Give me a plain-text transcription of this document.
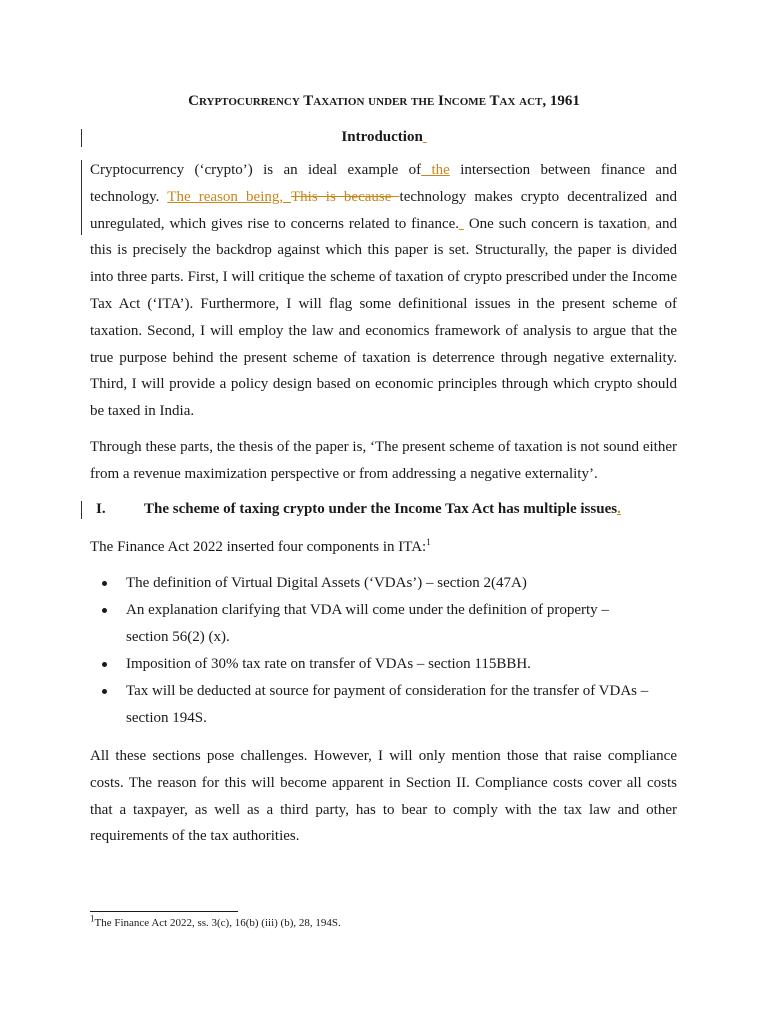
Cryptocurrency Taxation under the Income Tax act, 1961
Introduction

Cryptocurrency (‘crypto’) is an ideal example of the intersection between finance and technology. The reason being, This is because technology makes crypto decentralized and unregulated, which gives rise to concerns related to finance.  One such concern is taxation, and this is precisely the backdrop against which this paper is set. Structurally, the paper is divided into three parts. First, I will critique the scheme of taxation of crypto prescribed under the Income Tax Act (‘ITA’). Furthermore, I will flag some definitional issues in the present scheme of taxation. Second, I will employ the law and economics framework of analysis to argue that the true purpose behind the present scheme of taxation is deterrence through negative externality. Third, I will provide a policy design based on economic principles through which crypto should be taxed in India.

Through these parts, the thesis of the paper is, ‘The present scheme of taxation is not sound either from a revenue maximization perspective or from addressing a negative externality’.

I.	The scheme of taxing crypto under the Income Tax Act has multiple issues.

The Finance Act 2022 inserted four components in ITA:$^1$

The definition of Virtual Digital Assets (‘VDAs’) – section 2(47A)
An explanation clarifying that VDA will come under the definition of property – section 56(2) (x).
Imposition of 30% tax rate on transfer of VDAs – section 115BBH.
Tax will be deducted at source for payment of consideration for the transfer of VDAs – section 194S.

All these sections pose challenges. However, I will only mention those that raise compliance costs. The reason for this will become apparent in Section II. Compliance costs cover all costs that a taxpayer, as well as a third party, has to bear to comply with the tax law and other requirements of the tax authorities.

$^1$The Finance Act 2022, ss. 3(c), 16(b) (iii) (b), 28, 194S.
